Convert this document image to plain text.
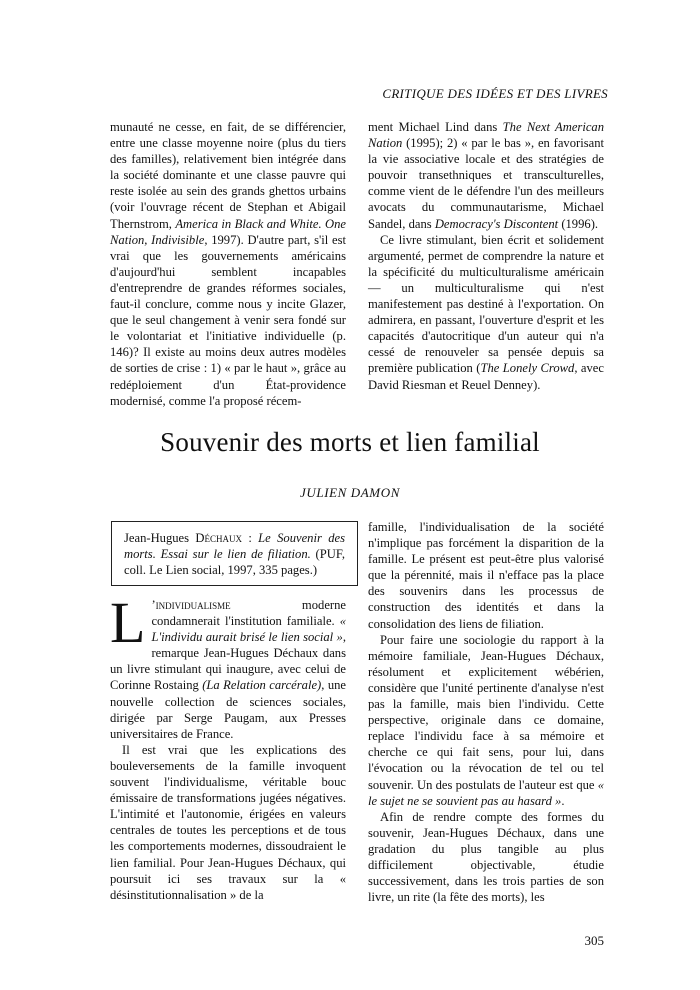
CRITIQUE DES IDÉES ET DES LIVRES

munauté ne cesse, en fait, de se différencier, entre une classe moyenne noire (plus du tiers des familles), relativement bien intégrée dans la société dominante et une classe pauvre qui reste isolée au sein des grands ghettos urbains (voir l'ouvrage récent de Stephan et Abigail Thernstrom, America in Black and White. One Nation, Indivisible, 1997). D'autre part, s'il est vrai que les gouvernements américains d'aujourd'hui semblent incapables d'entreprendre de grandes réformes sociales, faut-il conclure, comme nous y incite Glazer, que le seul changement à venir sera fondé sur le volontariat et l'initiative individuelle (p. 146)? Il existe au moins deux autres modèles de sorties de crise : 1) « par le haut », grâce au redéploiement d'un État-providence modernisé, comme l'a proposé récem-

ment Michael Lind dans The Next American Nation (1995); 2) « par le bas », en favorisant la vie associative locale et des stratégies de pouvoir transethniques et transculturelles, comme vient de le défendre l'un des meilleurs avocats du communautarisme, Michael Sandel, dans Democracy's Discontent (1996).

Ce livre stimulant, bien écrit et solidement argumenté, permet de comprendre la nature et la spécificité du multiculturalisme américain — un multiculturalisme qui n'est manifestement pas destiné à l'exportation. On admirera, en passant, l'ouverture d'esprit et les capacités d'autocritique d'un auteur qui n'a cessé de renouveler sa pensée depuis sa première publication (The Lonely Crowd, avec David Riesman et Reuel Denney).

Souvenir des morts et lien familial
JULIEN DAMON
Jean-Hugues Déchaux : Le Souvenir des morts. Essai sur le lien de filiation. (PUF, coll. Le Lien social, 1997, 335 pages.)

L ’individualisme moderne condamnerait l'institution familiale. « L'individu aurait brisé le lien social », remarque Jean-Hugues Déchaux dans un livre stimulant qui inaugure, avec celui de Corinne Rostaing (La Relation carcérale), une nouvelle collection de sciences sociales, dirigée par Serge Paugam, aux Presses universitaires de France.

Il est vrai que les explications des bouleversements de la famille invoquent souvent l'individualisme, véritable bouc émissaire de transformations jugées négatives. L'intimité et l'autonomie, érigées en valeurs centrales de toutes les perceptions et de tous les comportements modernes, dissoudraient le lien familial. Pour Jean-Hugues Déchaux, qui poursuit ici ses travaux sur la « désinstitutionnalisation » de la

famille, l'individualisation de la société n'implique pas forcément la disparition de la famille. Le présent est peut-être plus valorisé que la pérennité, mais il n'efface pas la place des souvenirs dans les processus de construction des identités et dans la consolidation des liens de filiation.

Pour faire une sociologie du rapport à la mémoire familiale, Jean-Hugues Déchaux, résolument et explicitement wébérien, considère que l'unité pertinente d'analyse n'est pas la famille, mais bien l'individu. Cette perspective, originale dans ce domaine, replace l'individu face à sa mémoire et cherche ce qui fait sens, pour lui, dans l'évocation ou la révocation de tel ou tel souvenir. Un des postulats de l'auteur est que « le sujet ne se souvient pas au hasard ».

Afin de rendre compte des formes du souvenir, Jean-Hugues Déchaux, dans une gradation du plus tangible au plus difficilement objectivable, étudie successivement, dans les trois parties de son livre, un rite (la fête des morts), les

305
